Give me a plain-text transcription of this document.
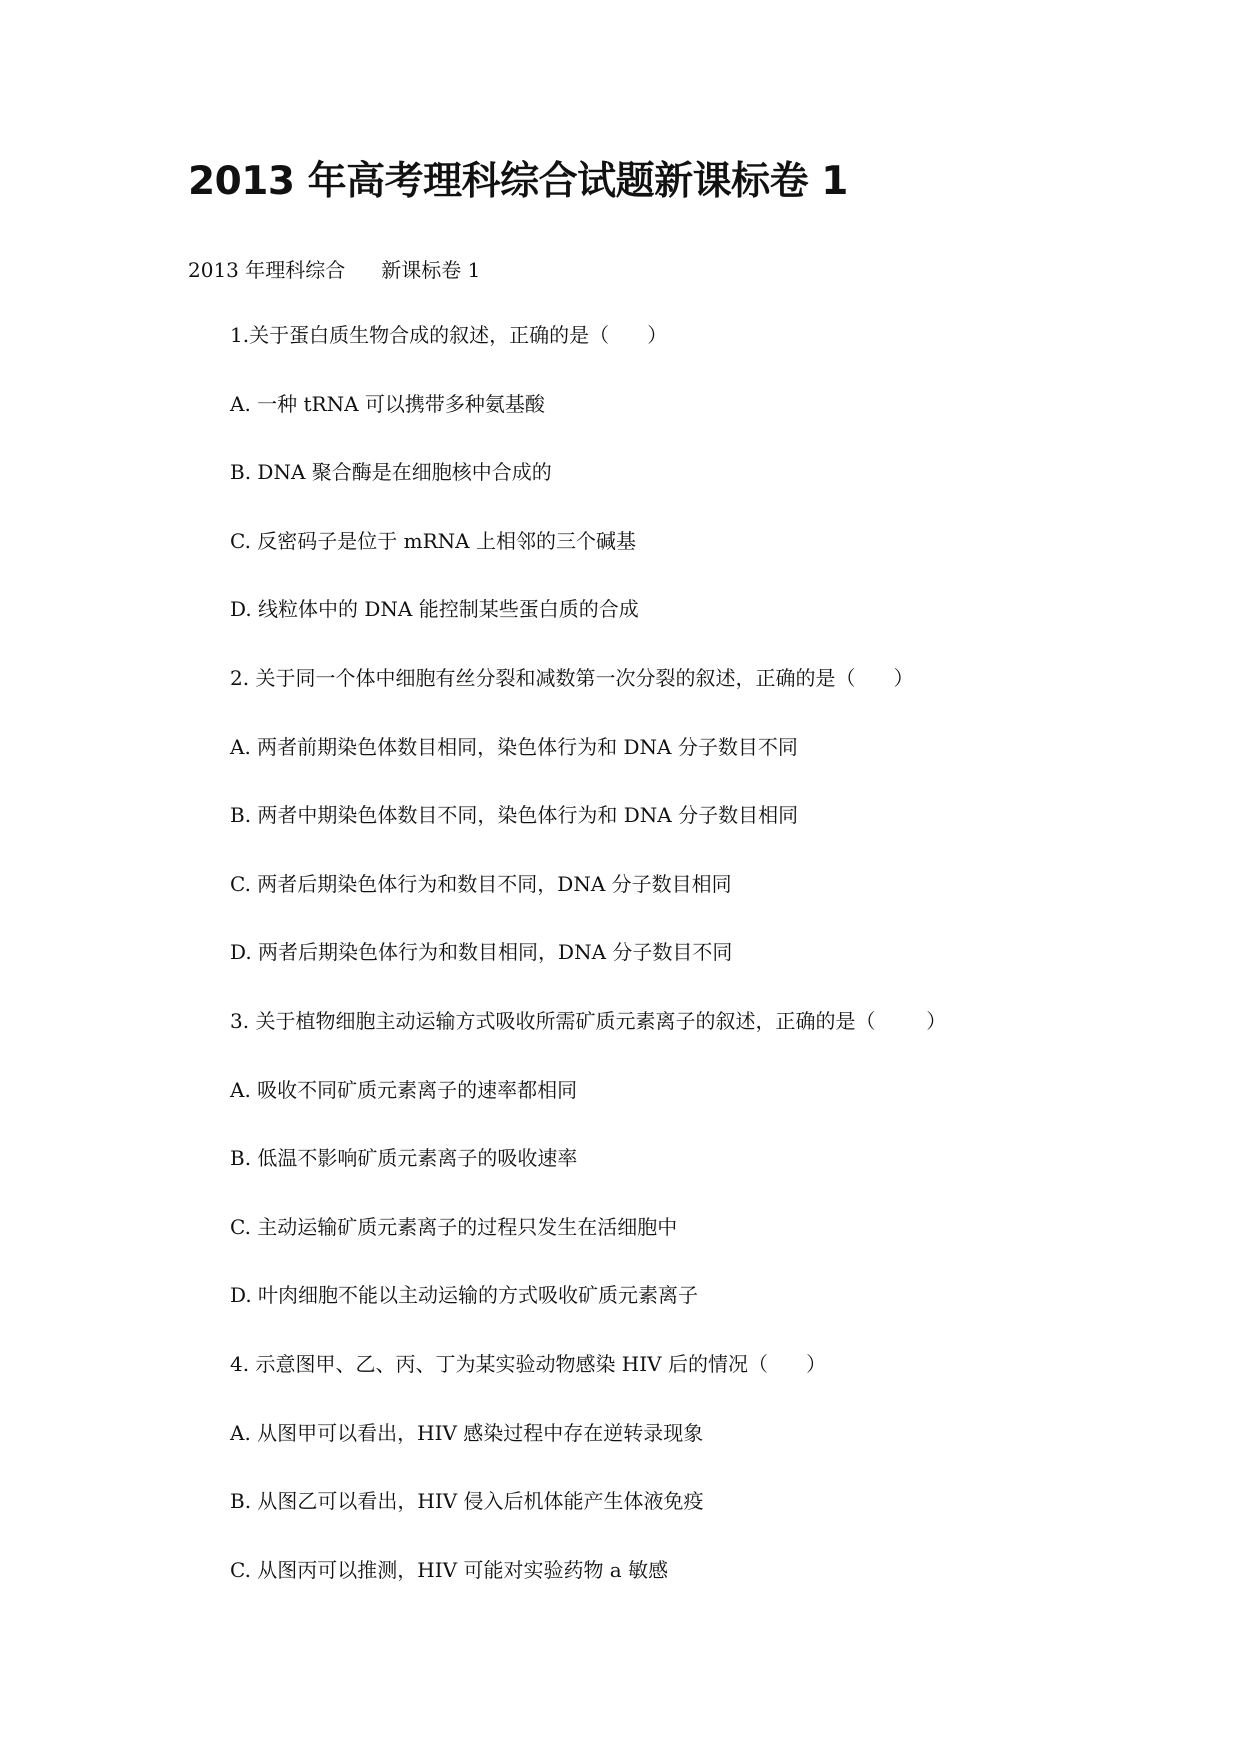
2013 年高考理科综合试题新课标卷 1
2013 年理科综合 新课标卷 1
1.关于蛋白质生物合成的叙述，正确的是（      ）
A. 一种 tRNA 可以携带多种氨基酸
B. DNA 聚合酶是在细胞核中合成的
C. 反密码子是位于 mRNA 上相邻的三个碱基
D. 线粒体中的 DNA 能控制某些蛋白质的合成
2. 关于同一个体中细胞有丝分裂和减数第一次分裂的叙述，正确的是（      ）
A. 两者前期染色体数目相同，染色体行为和 DNA 分子数目不同
B. 两者中期染色体数目不同，染色体行为和 DNA 分子数目相同
C. 两者后期染色体行为和数目不同，DNA 分子数目相同
D. 两者后期染色体行为和数目相同，DNA 分子数目不同
3. 关于植物细胞主动运输方式吸收所需矿质元素离子的叙述，正确的是（        ）
A. 吸收不同矿质元素离子的速率都相同
B. 低温不影响矿质元素离子的吸收速率
C. 主动运输矿质元素离子的过程只发生在活细胞中
D. 叶肉细胞不能以主动运输的方式吸收矿质元素离子
4. 示意图甲、乙、丙、丁为某实验动物感染 HIV 后的情况（      ）
A. 从图甲可以看出，HIV 感染过程中存在逆转录现象
B. 从图乙可以看出，HIV 侵入后机体能产生体液免疫
C. 从图丙可以推测，HIV 可能对实验药物 a 敏感
